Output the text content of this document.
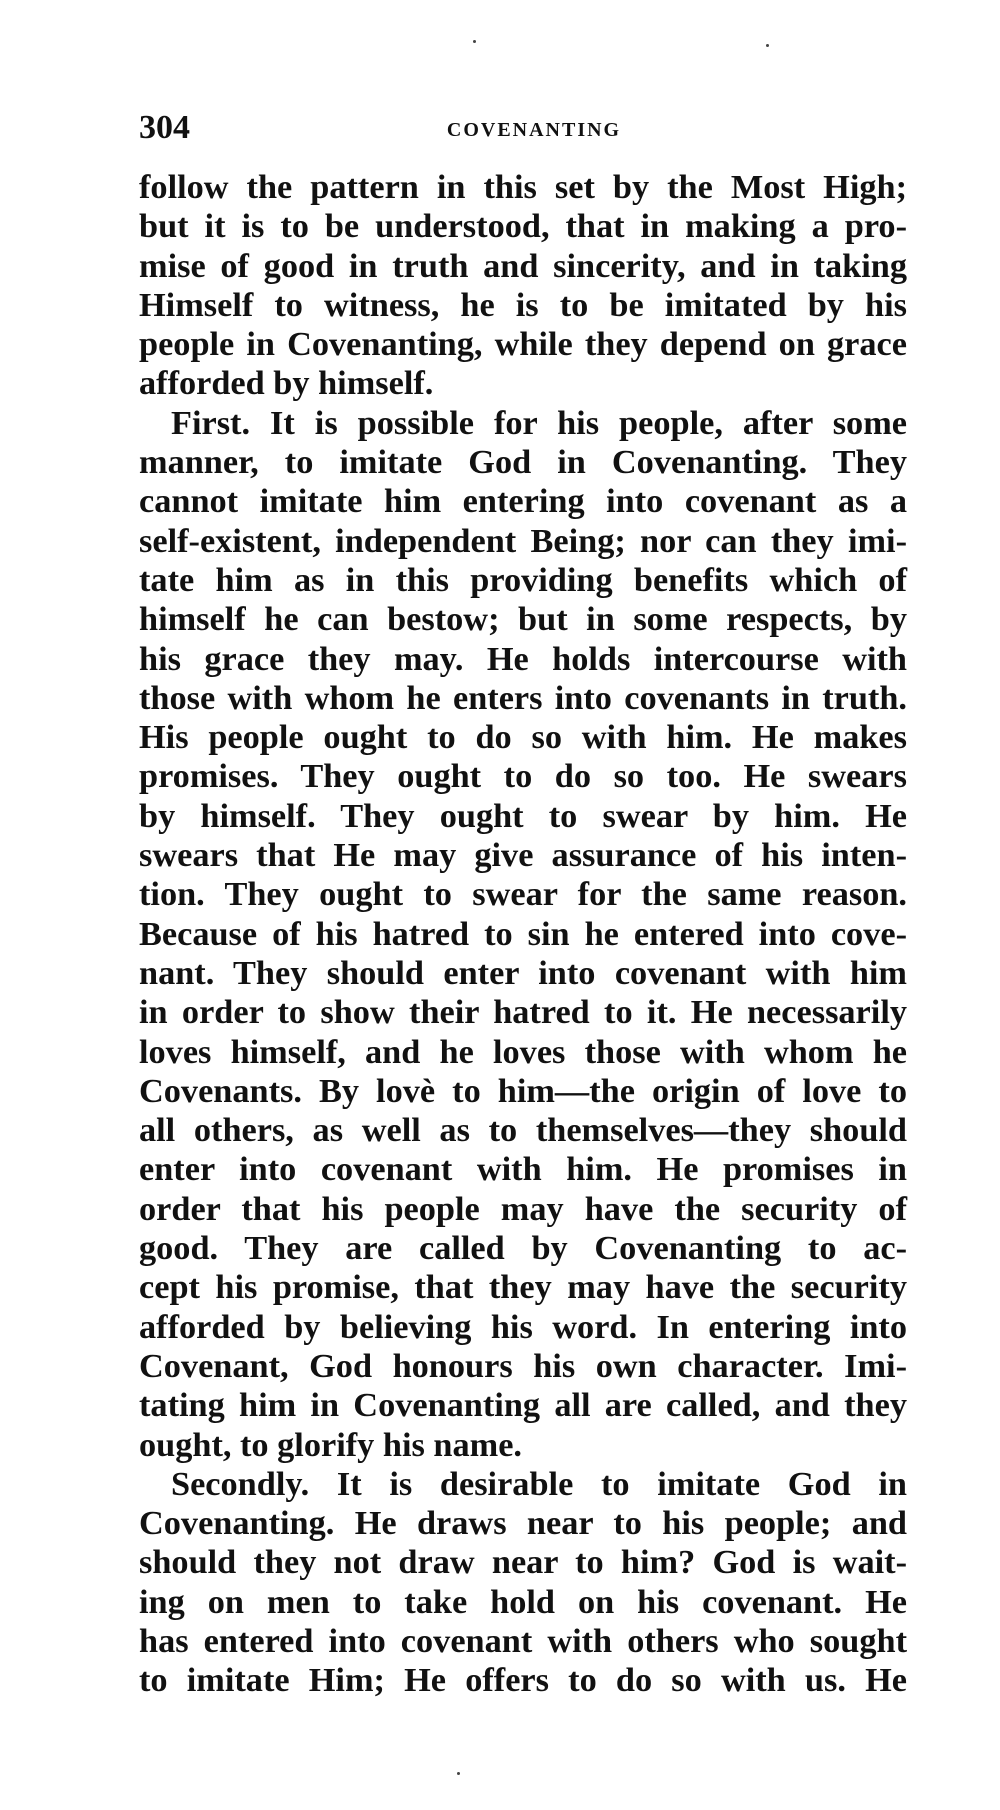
304	COVENANTING
follow the pattern in this set by the Most High;
but it is to be understood, that in making a pro-
mise of good in truth and sincerity, and in taking
Himself to witness, he is to be imitated by his
people in Covenanting, while they depend on grace
afforded by himself.
First. It is possible for his people, after some
manner, to imitate God in Covenanting. They
cannot imitate him entering into covenant as a
self-existent, independent Being; nor can they imi-
tate him as in this providing benefits which of
himself he can bestow; but in some respects, by
his grace they may. He holds intercourse with
those with whom he enters into covenants in truth.
His people ought to do so with him. He makes
promises. They ought to do so too. He swears
by himself. They ought to swear by him. He
swears that He may give assurance of his inten-
tion. They ought to swear for the same reason.
Because of his hatred to sin he entered into cove-
nant. They should enter into covenant with him
in order to show their hatred to it. He necessarily
loves himself, and he loves those with whom he
Covenants. By lovè to him—the origin of love to
all others, as well as to themselves—they should
enter into covenant with him. He promises in
order that his people may have the security of
good. They are called by Covenanting to ac-
cept his promise, that they may have the security
afforded by believing his word. In entering into
Covenant, God honours his own character. Imi-
tating him in Covenanting all are called, and they
ought, to glorify his name.
Secondly. It is desirable to imitate God in
Covenanting. He draws near to his people; and
should they not draw near to him? God is wait-
ing on men to take hold on his covenant. He
has entered into covenant with others who sought
to imitate Him; He offers to do so with us. He
